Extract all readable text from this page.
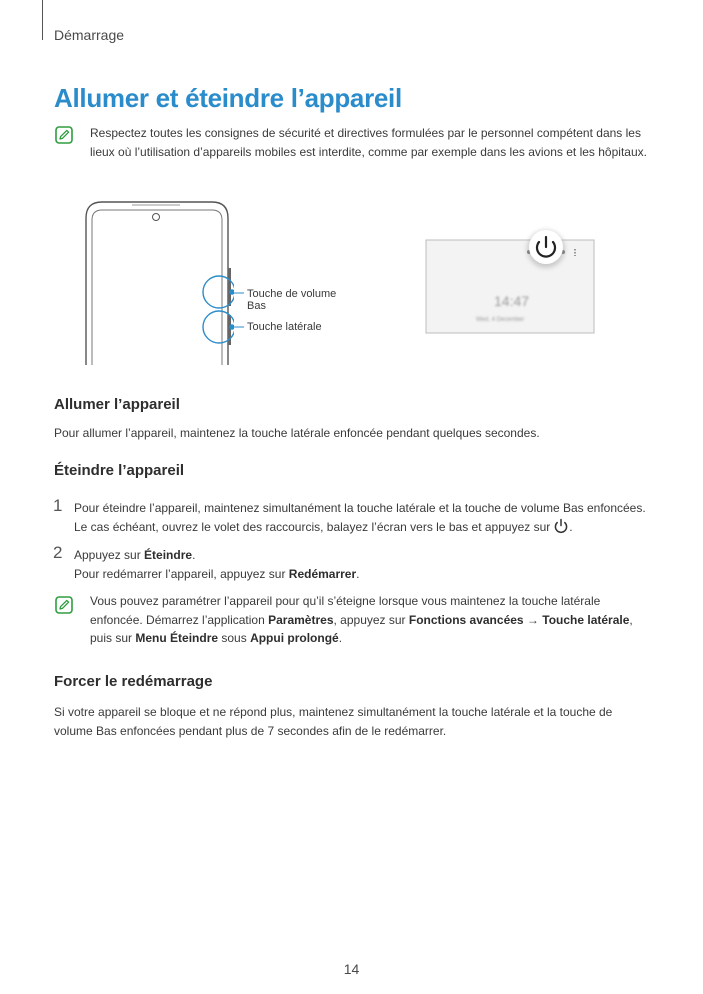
Démarrage
Allumer et éteindre l’appareil
Respectez toutes les consignes de sécurité et directives formulées par le personnel compétent dans les lieux où l’utilisation d’appareils mobiles est interdite, comme par exemple dans les avions et les hôpitaux.
Touche de volume Bas
Touche latérale
14:47
Wed, 4 December
Allumer l’appareil
Pour allumer l’appareil, maintenez la touche latérale enfoncée pendant quelques secondes.
Éteindre l’appareil
1 Pour éteindre l’appareil, maintenez simultanément la touche latérale et la touche de volume Bas enfoncées. Le cas échéant, ouvrez le volet des raccourcis, balayez l’écran vers le bas et appuyez sur .
2 Appuyez sur Éteindre.
Pour redémarrer l’appareil, appuyez sur Redémarrer.
Vous pouvez paramétrer l’appareil pour qu’il s’éteigne lorsque vous maintenez la touche latérale enfoncée. Démarrez l’application Paramètres, appuyez sur Fonctions avancées → Touche latérale, puis sur Menu Éteindre sous Appui prolongé.
Forcer le redémarrage
Si votre appareil se bloque et ne répond plus, maintenez simultanément la touche latérale et la touche de volume Bas enfoncées pendant plus de 7 secondes afin de le redémarrer.
14
